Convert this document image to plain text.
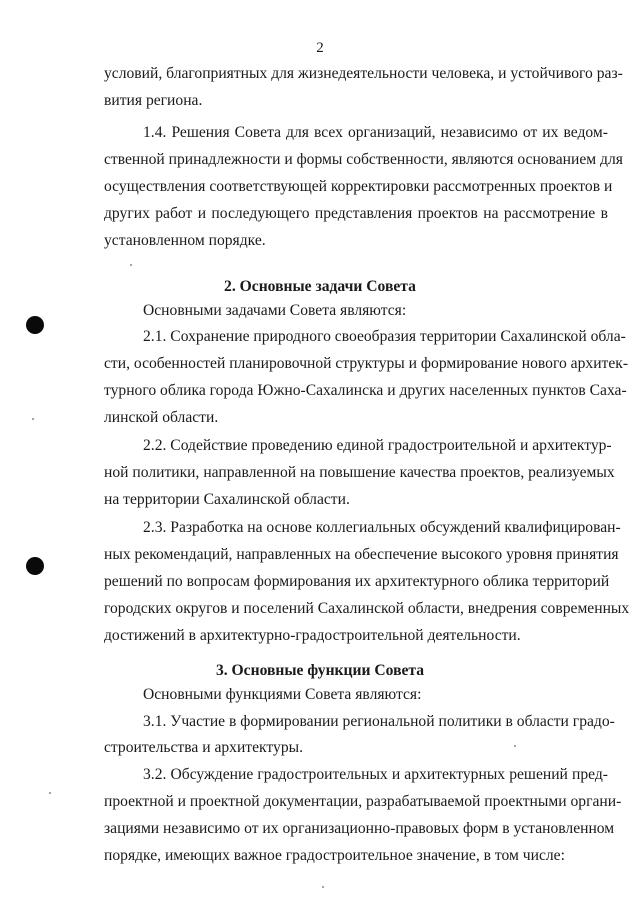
2
условий, благоприятных для жизнедеятельности человека, и устойчивого раз-
вития региона.
1.4. Решения Совета для всех организаций, независимо от их ведом-
ственной принадлежности и формы собственности, являются основанием для
осуществления соответствующей корректировки рассмотренных проектов и
других работ и последующего представления проектов на рассмотрение в
установленном порядке.
2. Основные задачи Совета
Основными задачами Совета являются:
2.1. Сохранение природного своеобразия территории Сахалинской обла-
сти, особенностей планировочной структуры и формирование нового архитек-
турного облика города Южно-Сахалинска и других населенных пунктов Саха-
линской области.
2.2. Содействие проведению единой градостроительной и архитектур-
ной политики, направленной на повышение качества проектов, реализуемых
на территории Сахалинской области.
2.3. Разработка на основе коллегиальных обсуждений квалифицирован-
ных рекомендаций, направленных на обеспечение высокого уровня принятия
решений по вопросам формирования их архитектурного облика территорий
городских округов и поселений Сахалинской области, внедрения современных
достижений в архитектурно-градостроительной деятельности.
3. Основные функции Совета
Основными функциями Совета являются:
3.1. Участие в формировании региональной политики в области градо-
строительства и архитектуры.
3.2. Обсуждение градостроительных и архитектурных решений пред-
проектной и проектной документации, разрабатываемой проектными органи-
зациями независимо от их организационно-правовых форм в установленном
порядке, имеющих важное градостроительное значение, в том числе:
